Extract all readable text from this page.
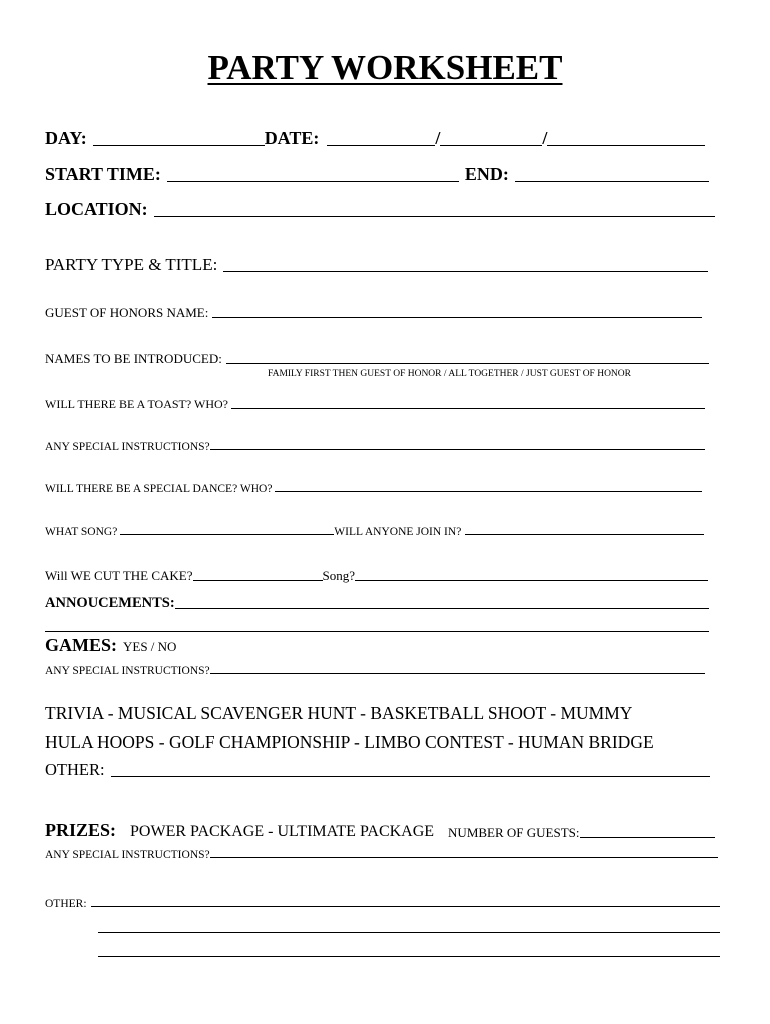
PARTY WORKSHEET
DAY:	DATE:	/	/
START TIME:	END:
LOCATION:
PARTY TYPE & TITLE:
GUEST OF HONORS NAME:
NAMES TO BE INTRODUCED:
FAMILY FIRST THEN GUEST OF HONOR / ALL TOGETHER / JUST GUEST OF HONOR
WILL THERE BE A TOAST? WHO?
ANY SPECIAL INSTRUCTIONS?
WILL THERE BE A SPECIAL DANCE? WHO?
WHAT SONG?	WILL ANYONE JOIN IN?
Will WE CUT THE CAKE?	Song?
ANNOUCEMENTS:
GAMES: YES / NO
ANY SPECIAL INSTRUCTIONS?
TRIVIA - MUSICAL SCAVENGER HUNT - BASKETBALL SHOOT - MUMMY
HULA HOOPS - GOLF CHAMPIONSHIP - LIMBO CONTEST - HUMAN BRIDGE
OTHER:
PRIZES: POWER PACKAGE - ULTIMATE PACKAGE NUMBER OF GUESTS:
ANY SPECIAL INSTRUCTIONS?
OTHER:
